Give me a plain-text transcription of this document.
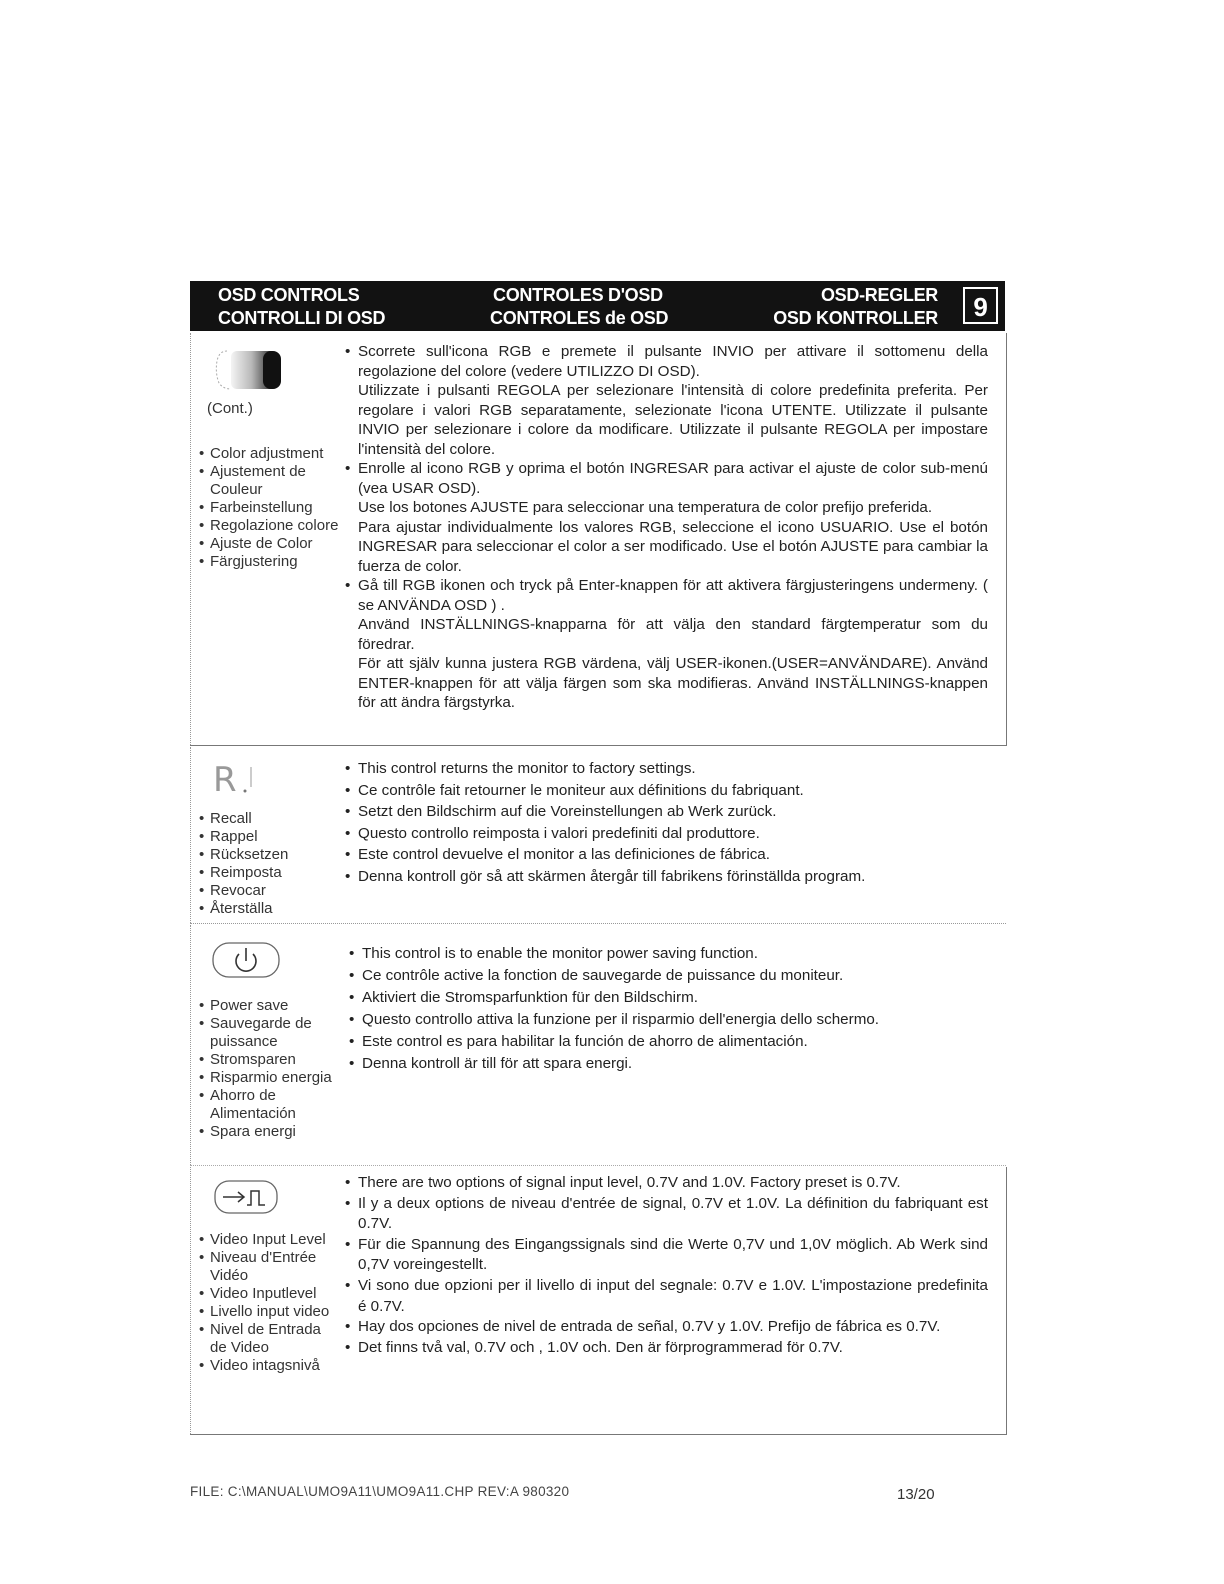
OSD CONTROLS
CONTROLLI DI OSD
CONTROLES D'OSD
CONTROLES de OSD
OSD-REGLER
OSD KONTROLLER	9
(Cont.)
• Color adjustment
• Ajustement de Couleur
• Farbeinstellung
• Regolazione colore
• Ajuste de Color
• Färgjustering
• Scorrete sull'icona RGB e premete il pulsante INVIO per attivare il sottomenu della regolazione del colore (vedere UTILIZZO DI OSD).
Utilizzate i pulsanti REGOLA per selezionare l'intensità di colore predefinita preferita. Per regolare i valori RGB separatamente, selezionate l'icona UTENTE. Utilizzate il pulsante INVIO per selezionare i colore da modificare. Utilizzate il pulsante REGOLA per impostare l'intensità del colore.
• Enrolle al icono RGB y oprima el botón INGRESAR para activar el ajuste de color sub-menú (vea USAR OSD).
Use los botones AJUSTE para seleccionar una temperatura de color prefijo preferida.
Para ajustar individualmente los valores RGB, seleccione el icono USUARIO. Use el botón INGRESAR para seleccionar el color a ser modificado. Use el botón AJUSTE para cambiar la fuerza de color.
• Gå till RGB ikonen och tryck på Enter-knappen för att aktivera färgjusteringens undermeny. ( se ANVÄNDA OSD ) .
Använd INSTÄLLNINGS-knapparna för att välja den standard färgtemperatur som du föredrar.
För att själv kunna justera RGB värdena, välj USER-ikonen.(USER=ANVÄNDARE). Använd ENTER-knappen för att välja färgen som ska modifieras. Använd INSTÄLLNINGS-knappen för att ändra färgstyrka.
R
• Recall
• Rappel
• Rücksetzen
• Reimposta
• Revocar
• Återställa
• This control returns the monitor to factory settings.
• Ce contrôle fait retourner le moniteur aux définitions du fabriquant.
• Setzt den Bildschirm auf die Voreinstellungen ab Werk zurück.
• Questo controllo reimposta i valori predefiniti dal produttore.
• Este control devuelve el monitor a las definiciones de fábrica.
• Denna kontroll gör så att skärmen återgår till fabrikens förinställda program.
• Power save
• Sauvegarde de puissance
• Stromsparen
• Risparmio energia
• Ahorro de Alimentación
• Spara energi
• This control is to enable the monitor power saving function.
• Ce contrôle active la fonction de sauvegarde de puissance du moniteur.
• Aktiviert die Stromsparfunktion für den Bildschirm.
• Questo controllo attiva la funzione per il risparmio dell'energia dello schermo.
• Este control es para habilitar la función de ahorro de alimentación.
• Denna kontroll är till för att spara energi.
• Video Input Level
• Niveau d'Entrée Vidéo
• Video Inputlevel
• Livello input video
• Nivel de Entrada de Video
• Video intagsnivå
• There are two options of signal input level, 0.7V and 1.0V. Factory preset is 0.7V.
• Il y a deux options de niveau d'entrée de signal, 0.7V et 1.0V. La définition du fabriquant est 0.7V.
• Für die Spannung des Eingangssignals sind die Werte 0,7V und 1,0V möglich. Ab Werk sind 0,7V voreingestellt.
• Vi sono due opzioni per il livello di input del segnale: 0.7V e 1.0V. L'impostazione predefinita é 0.7V.
• Hay dos opciones de nivel de entrada de señal, 0.7V y 1.0V. Prefijo de fábrica es 0.7V.
• Det finns två val, 0.7V och , 1.0V och. Den är förprogrammerad för 0.7V.
FILE: C:\MANUAL\UMO9A11\UMO9A11.CHP REV:A 980320	13/20
